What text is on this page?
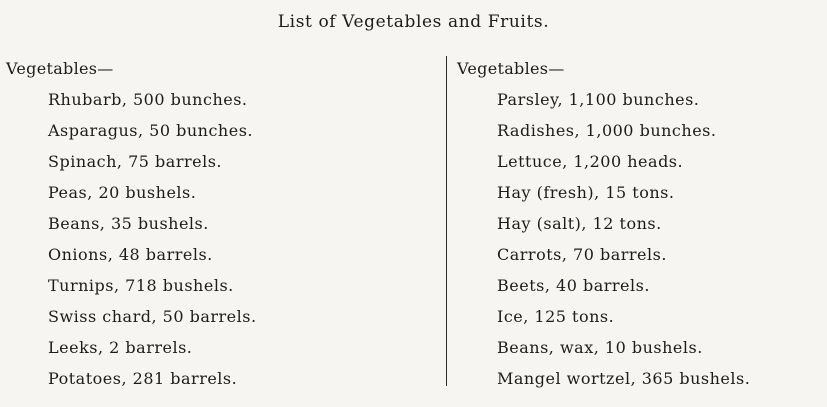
List of Vegetables and Fruits.
Vegetables—
Rhubarb, 500 bunches.
Asparagus, 50 bunches.
Spinach, 75 barrels.
Peas, 20 bushels.
Beans, 35 bushels.
Onions, 48 barrels.
Turnips, 718 bushels.
Swiss chard, 50 barrels.
Leeks, 2 barrels.
Potatoes, 281 barrels.
Vegetables—
Parsley, 1,100 bunches.
Radishes, 1,000 bunches.
Lettuce, 1,200 heads.
Hay (fresh), 15 tons.
Hay (salt), 12 tons.
Carrots, 70 barrels.
Beets, 40 barrels.
Ice, 125 tons.
Beans, wax, 10 bushels.
Mangel wortzel, 365 bushels.
